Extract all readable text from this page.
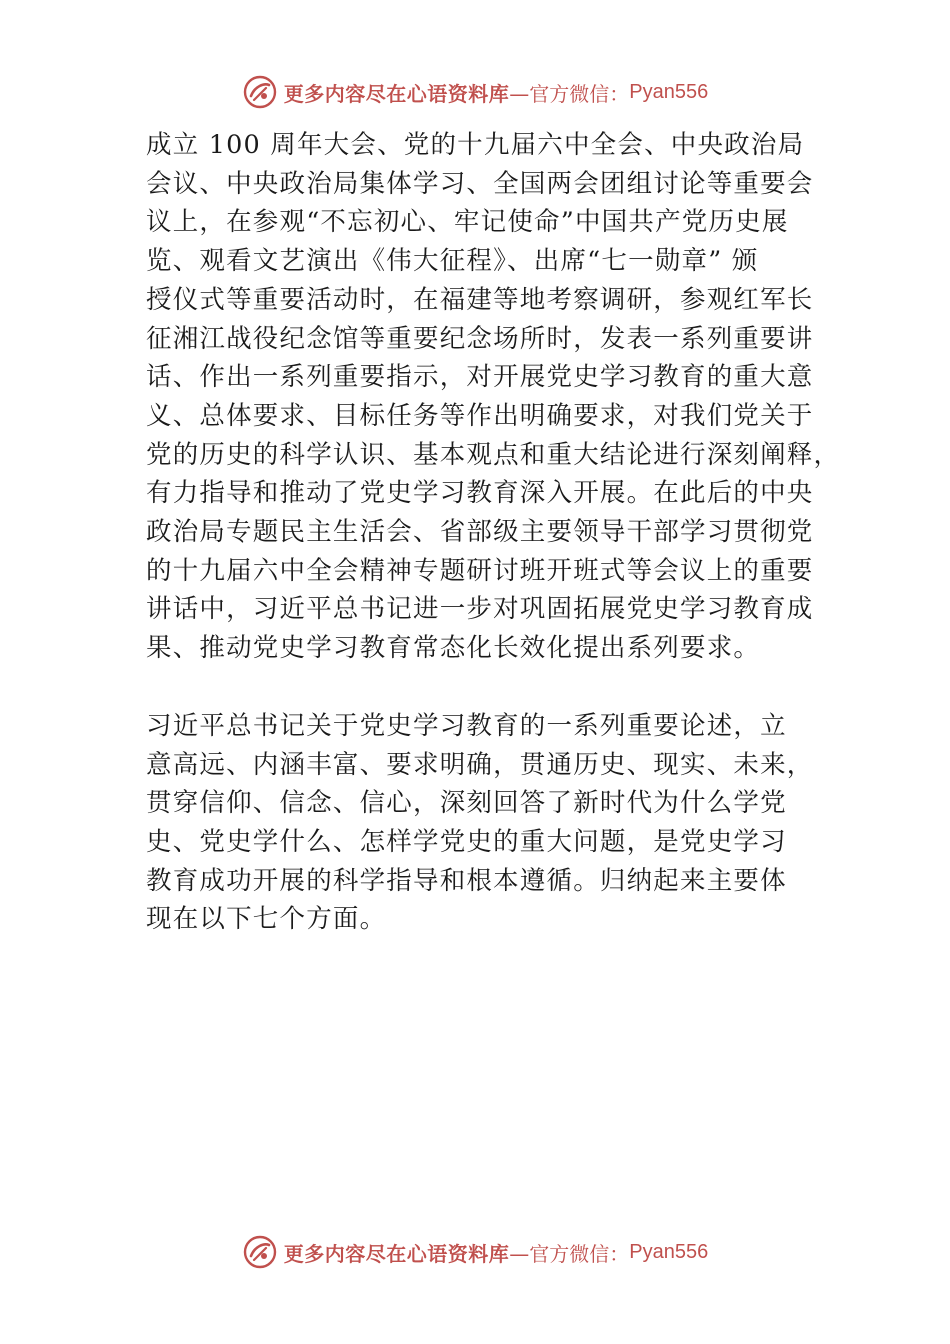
更多内容尽在心语资料库 —官方微信： Pyan556

成立 100 周年大会、党的十九届六中全会、中央政治局
会议、中央政治局集体学习、全国两会团组讨论等重要会
议上，在参观“不忘初心、牢记使命”中国共产党历史展
览、观看文艺演出《伟大征程》、出席“七一勋章” 颁
授仪式等重要活动时，在福建等地考察调研，参观红军长
征湘江战役纪念馆等重要纪念场所时，发表一系列重要讲
话、作出一系列重要指示，对开展党史学习教育的重大意
义、总体要求、目标任务等作出明确要求，对我们党关于
党的历史的科学认识、基本观点和重大结论进行深刻阐释，
有力指导和推动了党史学习教育深入开展。在此后的中央
政治局专题民主生活会、省部级主要领导干部学习贯彻党
的十九届六中全会精神专题研讨班开班式等会议上的重要
讲话中，习近平总书记进一步对巩固拓展党史学习教育成
果、推动党史学习教育常态化长效化提出系列要求。

习近平总书记关于党史学习教育的一系列重要论述，立
意高远、内涵丰富、要求明确，贯通历史、现实、未来，
贯穿信仰、信念、信心，深刻回答了新时代为什么学党
史、党史学什么、怎样学党史的重大问题，是党史学习
教育成功开展的科学指导和根本遵循。归纳起来主要体
现在以下七个方面。

更多内容尽在心语资料库 —官方微信： Pyan556
